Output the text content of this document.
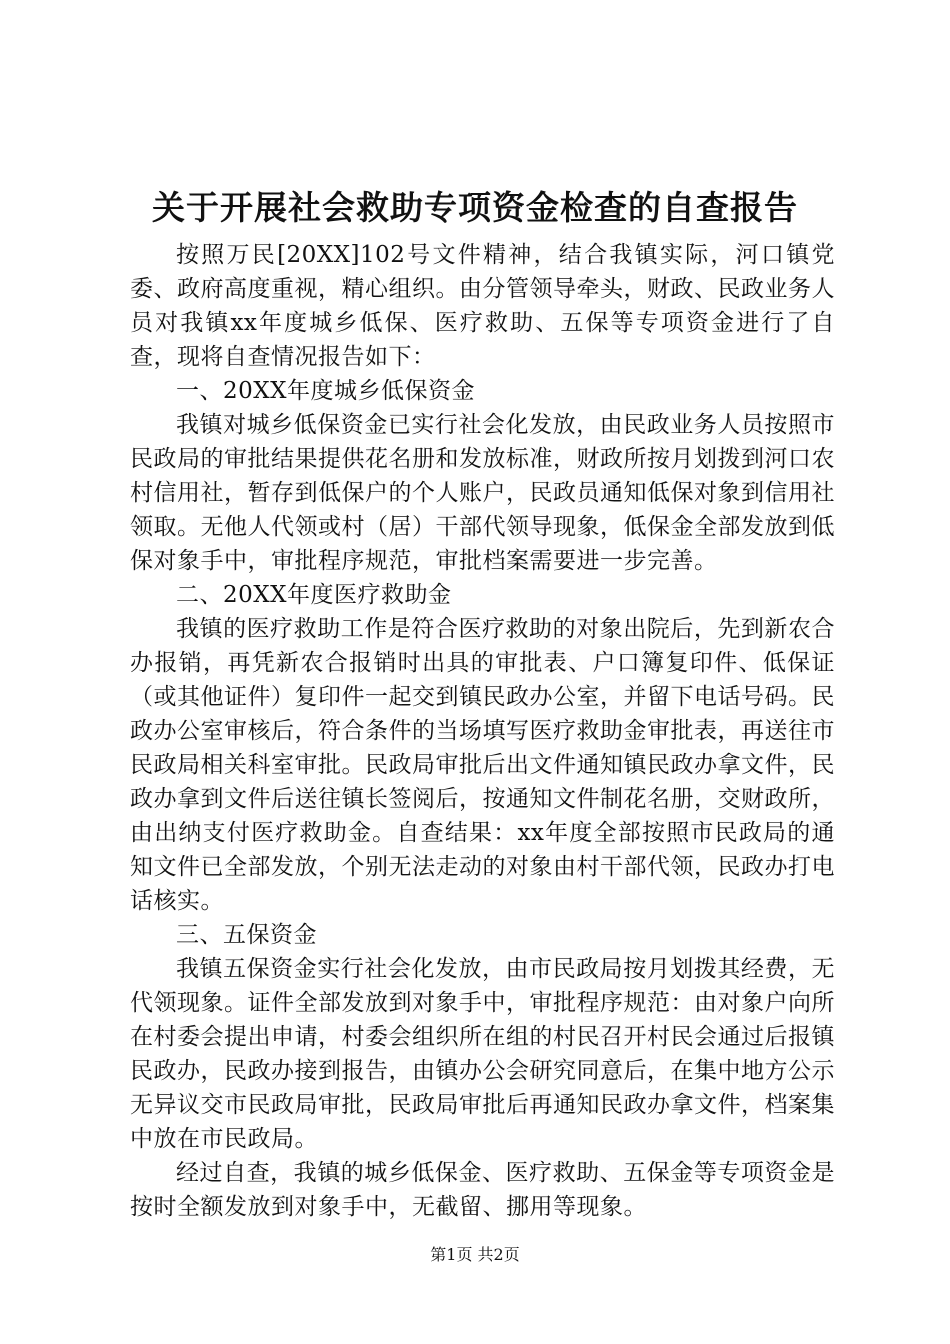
关于开展社会救助专项资金检查的自查报告

按照万民[20XX]102号文件精神，结合我镇实际，河口镇党委、政府高度重视，精心组织。由分管领导牵头，财政、民政业务人员对我镇xx年度城乡低保、医疗救助、五保等专项资金进行了自查，现将自查情况报告如下：

一、20XX年度城乡低保资金

我镇对城乡低保资金已实行社会化发放，由民政业务人员按照市民政局的审批结果提供花名册和发放标准，财政所按月划拨到河口农村信用社，暂存到低保户的个人账户，民政员通知低保对象到信用社领取。无他人代领或村（居）干部代领导现象，低保金全部发放到低保对象手中，审批程序规范，审批档案需要进一步完善。

二、20XX年度医疗救助金

我镇的医疗救助工作是符合医疗救助的对象出院后，先到新农合办报销，再凭新农合报销时出具的审批表、户口簿复印件、低保证（或其他证件）复印件一起交到镇民政办公室，并留下电话号码。民政办公室审核后，符合条件的当场填写医疗救助金审批表，再送往市民政局相关科室审批。民政局审批后出文件通知镇民政办拿文件，民政办拿到文件后送往镇长签阅后，按通知文件制花名册，交财政所，由出纳支付医疗救助金。自查结果：xx年度全部按照市民政局的通知文件已全部发放，个别无法走动的对象由村干部代领，民政办打电话核实。

三、五保资金

我镇五保资金实行社会化发放，由市民政局按月划拨其经费，无代领现象。证件全部发放到对象手中，审批程序规范：由对象户向所在村委会提出申请，村委会组织所在组的村民召开村民会通过后报镇民政办，民政办接到报告，由镇办公会研究同意后，在集中地方公示无异议交市民政局审批，民政局审批后再通知民政办拿文件，档案集中放在市民政局。

经过自查，我镇的城乡低保金、医疗救助、五保金等专项资金是按时全额发放到对象手中，无截留、挪用等现象。

第1页 共2页
